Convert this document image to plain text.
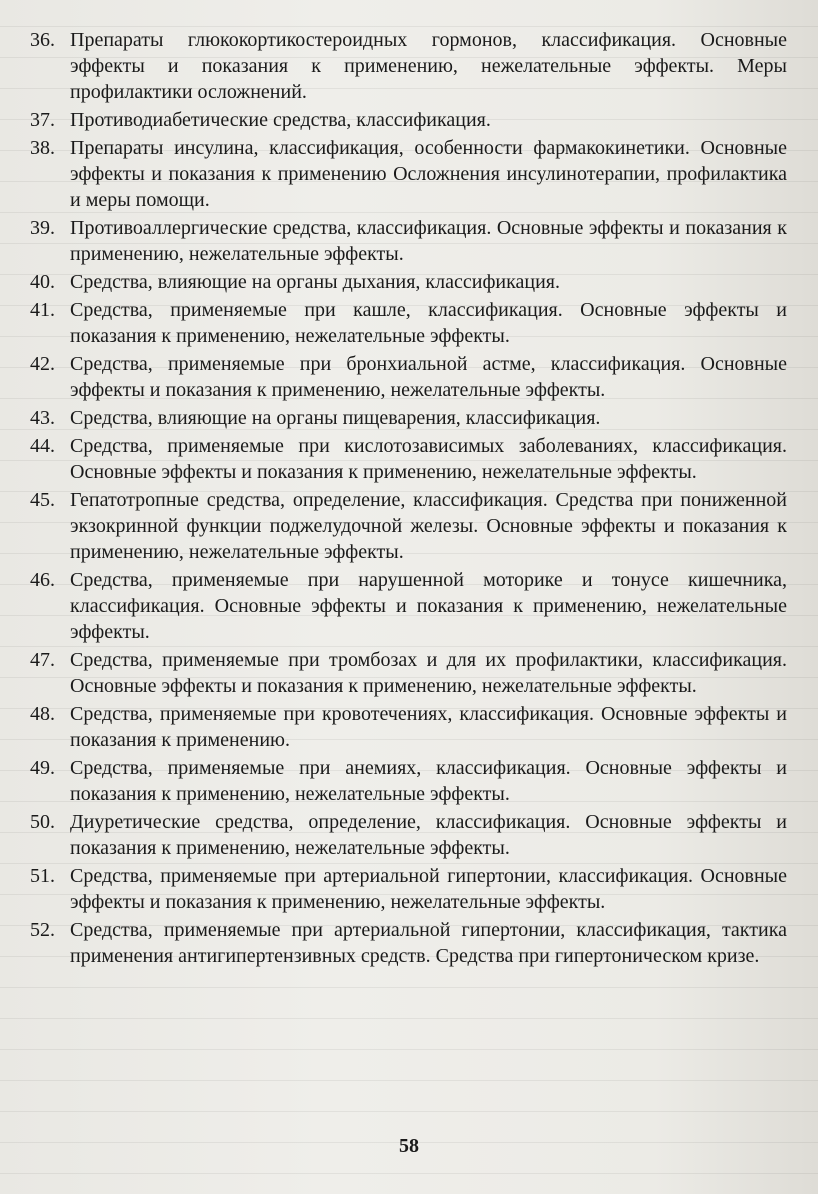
36. Препараты глюкокортикостероидных гормонов, классификация. Основные эффекты и показания к применению, нежелательные эффекты. Меры профилактики осложнений.
37. Противодиабетические средства, классификация.
38. Препараты инсулина, классификация, особенности фармакокинетики. Основные эффекты и показания к применению Осложнения инсулинотерапии, профилактика и меры помощи.
39. Противоаллергические средства, классификация. Основные эффекты и показания к применению, нежелательные эффекты.
40. Средства, влияющие на органы дыхания, классификация.
41. Средства, применяемые при кашле, классификация. Основные эффекты и показания к применению, нежелательные эффекты.
42. Средства, применяемые при бронхиальной астме, классификация. Основные эффекты и показания к применению, нежелательные эффекты.
43. Средства, влияющие на органы пищеварения, классификация.
44. Средства, применяемые при кислотозависимых заболеваниях, классификация. Основные эффекты и показания к применению, нежелательные эффекты.
45. Гепатотропные средства, определение, классификация. Средства при пониженной экзокринной функции поджелудочной железы. Основные эффекты и показания к применению, нежелательные эффекты.
46. Средства, применяемые при нарушенной моторике и тонусе кишечника, классификация. Основные эффекты и показания к применению, нежелательные эффекты.
47. Средства, применяемые при тромбозах и для их профилактики, классификация. Основные эффекты и показания к применению, нежелательные эффекты.
48. Средства, применяемые при кровотечениях, классификация. Основные эффекты и показания к применению.
49. Средства, применяемые при анемиях, классификация. Основные эффекты и показания к применению, нежелательные эффекты.
50. Диуретические средства, определение, классификация. Основные эффекты и показания к применению, нежелательные эффекты.
51. Средства, применяемые при артериальной гипертонии, классификация. Основные эффекты и показания к применению, нежелательные эффекты.
52. Средства, применяемые при артериальной гипертонии, классификация, тактика применения антигипертензивных средств. Средства при гипертоническом кризе.
58
